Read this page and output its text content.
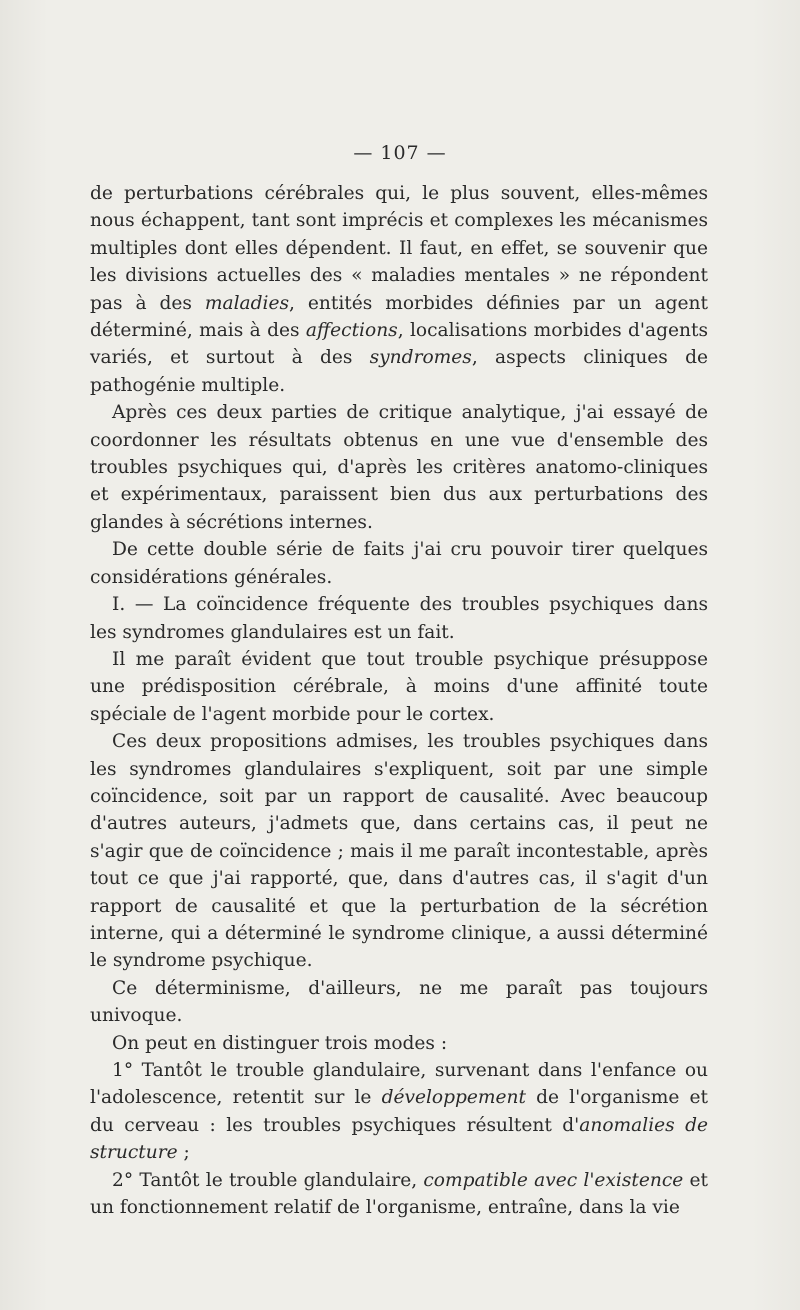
— 107 —

de perturbations cérébrales qui, le plus souvent, elles-mêmes nous échappent, tant sont imprécis et complexes les mécanismes multiples dont elles dépendent. Il faut, en effet, se souvenir que les divisions actuelles des « maladies mentales » ne répondent pas à des maladies, entités morbides définies par un agent déterminé, mais à des affections, localisations morbides d'agents variés, et surtout à des syndromes, aspects cliniques de pathogénie multiple.

Après ces deux parties de critique analytique, j'ai essayé de coordonner les résultats obtenus en une vue d'ensemble des troubles psychiques qui, d'après les critères anatomo-cliniques et expérimentaux, paraissent bien dus aux perturbations des glandes à sécrétions internes.

De cette double série de faits j'ai cru pouvoir tirer quelques considérations générales.

I. — La coïncidence fréquente des troubles psychiques dans les syndromes glandulaires est un fait.

Il me paraît évident que tout trouble psychique présuppose une prédisposition cérébrale, à moins d'une affinité toute spéciale de l'agent morbide pour le cortex.

Ces deux propositions admises, les troubles psychiques dans les syndromes glandulaires s'expliquent, soit par une simple coïncidence, soit par un rapport de causalité. Avec beaucoup d'autres auteurs, j'admets que, dans certains cas, il peut ne s'agir que de coïncidence ; mais il me paraît incontestable, après tout ce que j'ai rapporté, que, dans d'autres cas, il s'agit d'un rapport de causalité et que la perturbation de la sécrétion interne, qui a déterminé le syndrome clinique, a aussi déterminé le syndrome psychique.

Ce déterminisme, d'ailleurs, ne me paraît pas toujours univoque.

On peut en distinguer trois modes :

1° Tantôt le trouble glandulaire, survenant dans l'enfance ou l'adolescence, retentit sur le développement de l'organisme et du cerveau : les troubles psychiques résultent d'anomalies de structure ;

2° Tantôt le trouble glandulaire, compatible avec l'existence et un fonctionnement relatif de l'organisme, entraîne, dans la vie
